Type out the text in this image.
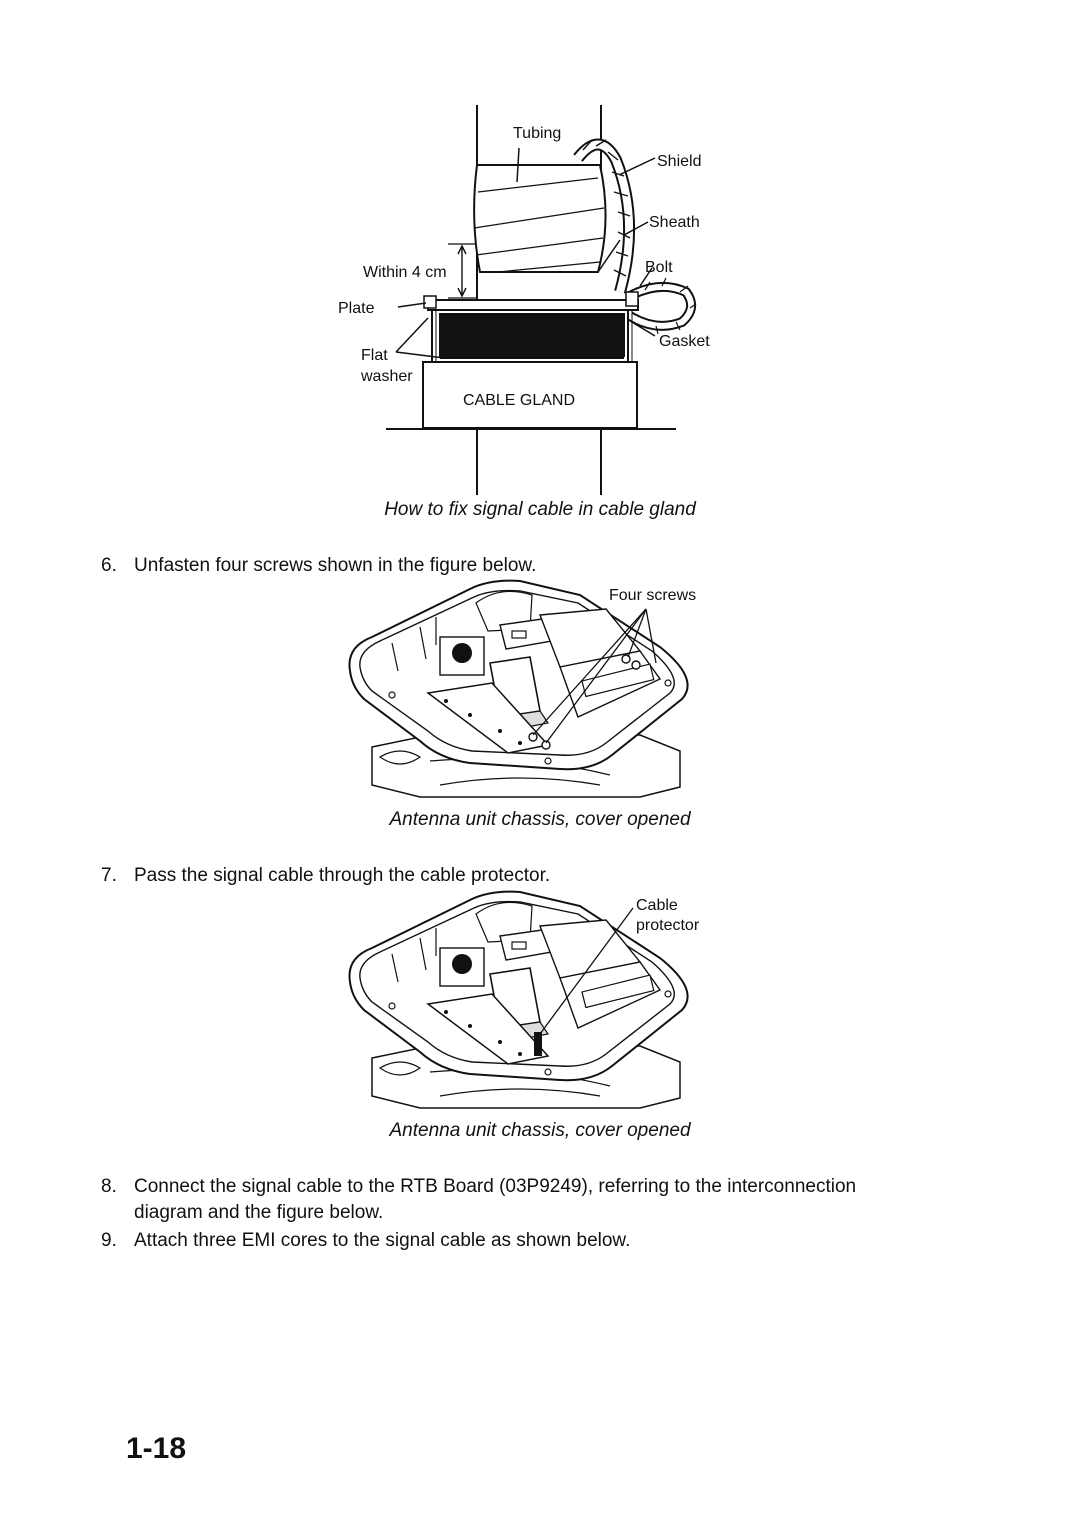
Tubing
Shield
Sheath
Within 4 cm	Bolt
Plate
Gasket
Flat
washer
CABLE GLAND
How to fix signal cable in cable gland
6. Unfasten four screws shown in the figure below.
Four screws
Antenna unit chassis, cover opened
7. Pass the signal cable through the cable protector.
Cable
protector
Antenna unit chassis, cover opened
8. Connect the signal cable to the RTB Board (03P9249), referring to the interconnection
diagram and the figure below.
9. Attach three EMI cores to the signal cable as shown below.
1-18
